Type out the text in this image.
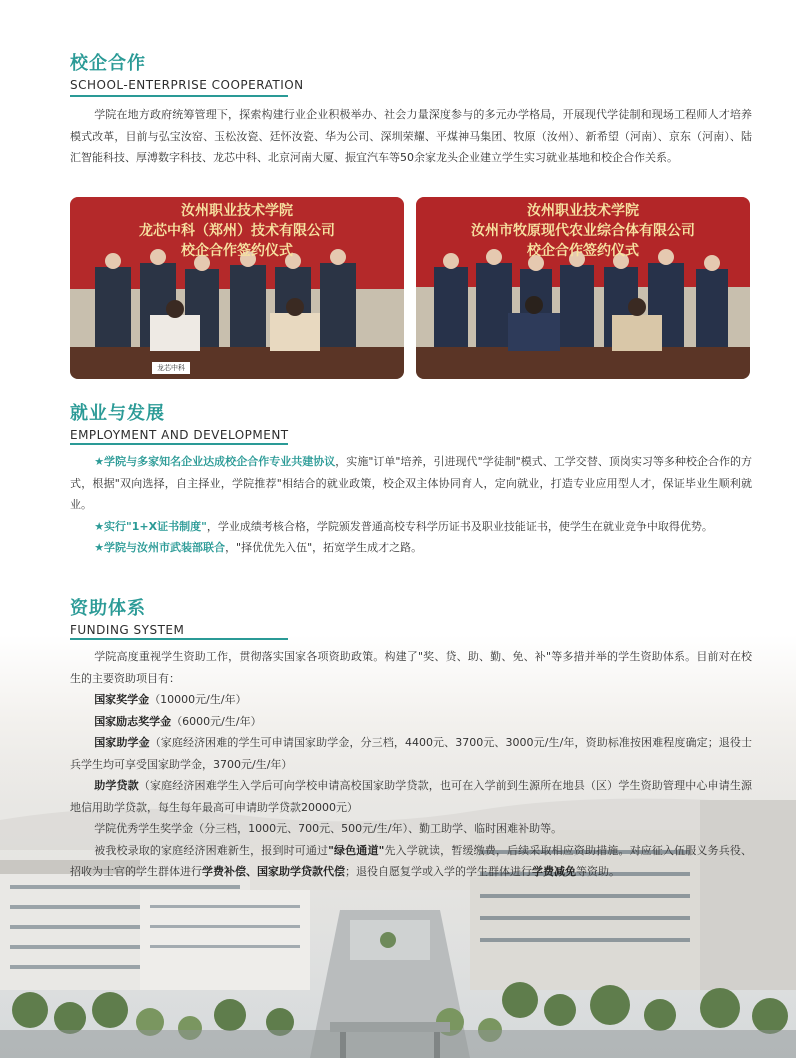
校企合作
SCHOOL-ENTERPRISE COOPERATION

学院在地方政府统筹管理下，探索构建行业企业积极举办、社会力量深度参与的多元办学格局，开展现代学徒制和现场工程师人才培养模式改革，目前与弘宝汝窑、玉松汝瓷、廷怀汝瓷、华为公司、深圳荣耀、平煤神马集团、牧原（汝州）、新希望（河南）、京东（河南）、陆汇智能科技、厚溥数字科技、龙芯中科、北京河南大厦、振宜汽车等50余家龙头企业建立学生实习就业基地和校企合作关系。

汝州职业技术学院
龙芯中科（郑州）技术有限公司
校企合作签约仪式
龙芯中科
汝州职业技术学院
汝州市牧原现代农业综合体有限公司
校企合作签约仪式
就业与发展
EMPLOYMENT AND DEVELOPMENT

★学院与多家知名企业达成校企合作专业共建协议，实施"订单"培养，引进现代"学徒制"模式、工学交替、顶岗实习等多种校企合作的方式，根据"双向选择，自主择业，学院推荐"相结合的就业政策，校企双主体协同育人，定向就业，打造专业应用型人才，保证毕业生顺利就业。

★实行"1+X证书制度"，学业成绩考核合格，学院颁发普通高校专科学历证书及职业技能证书，使学生在就业竞争中取得优势。

★学院与汝州市武装部联合，"择优优先入伍"，拓宽学生成才之路。

资助体系
FUNDING SYSTEM

学院高度重视学生资助工作，贯彻落实国家各项资助政策。构建了"奖、贷、助、勤、免、补"等多措并举的学生资助体系。目前对在校生的主要资助项目有：

国家奖学金（10000元/生/年）

国家励志奖学金（6000元/生/年）

国家助学金（家庭经济困难的学生可申请国家助学金，分三档，4400元、3700元、3000元/生/年，资助标准按困难程度确定；退役士兵学生均可享受国家助学金，3700元/生/年）

助学贷款（家庭经济困难学生入学后可向学校申请高校国家助学贷款，也可在入学前到生源所在地县（区）学生资助管理中心申请生源地信用助学贷款，每生每年最高可申请助学贷款20000元）

学院优秀学生奖学金（分三档，1000元、700元、500元/生/年）、勤工助学、临时困难补助等。

被我校录取的家庭经济困难新生，报到时可通过"绿色通道"先入学就读，暂缓缴费，后续采取相应资助措施。对应征入伍服义务兵役、招收为士官的学生群体进行学费补偿、国家助学贷款代偿；退役自愿复学或入学的学生群体进行学费减免等资助。
